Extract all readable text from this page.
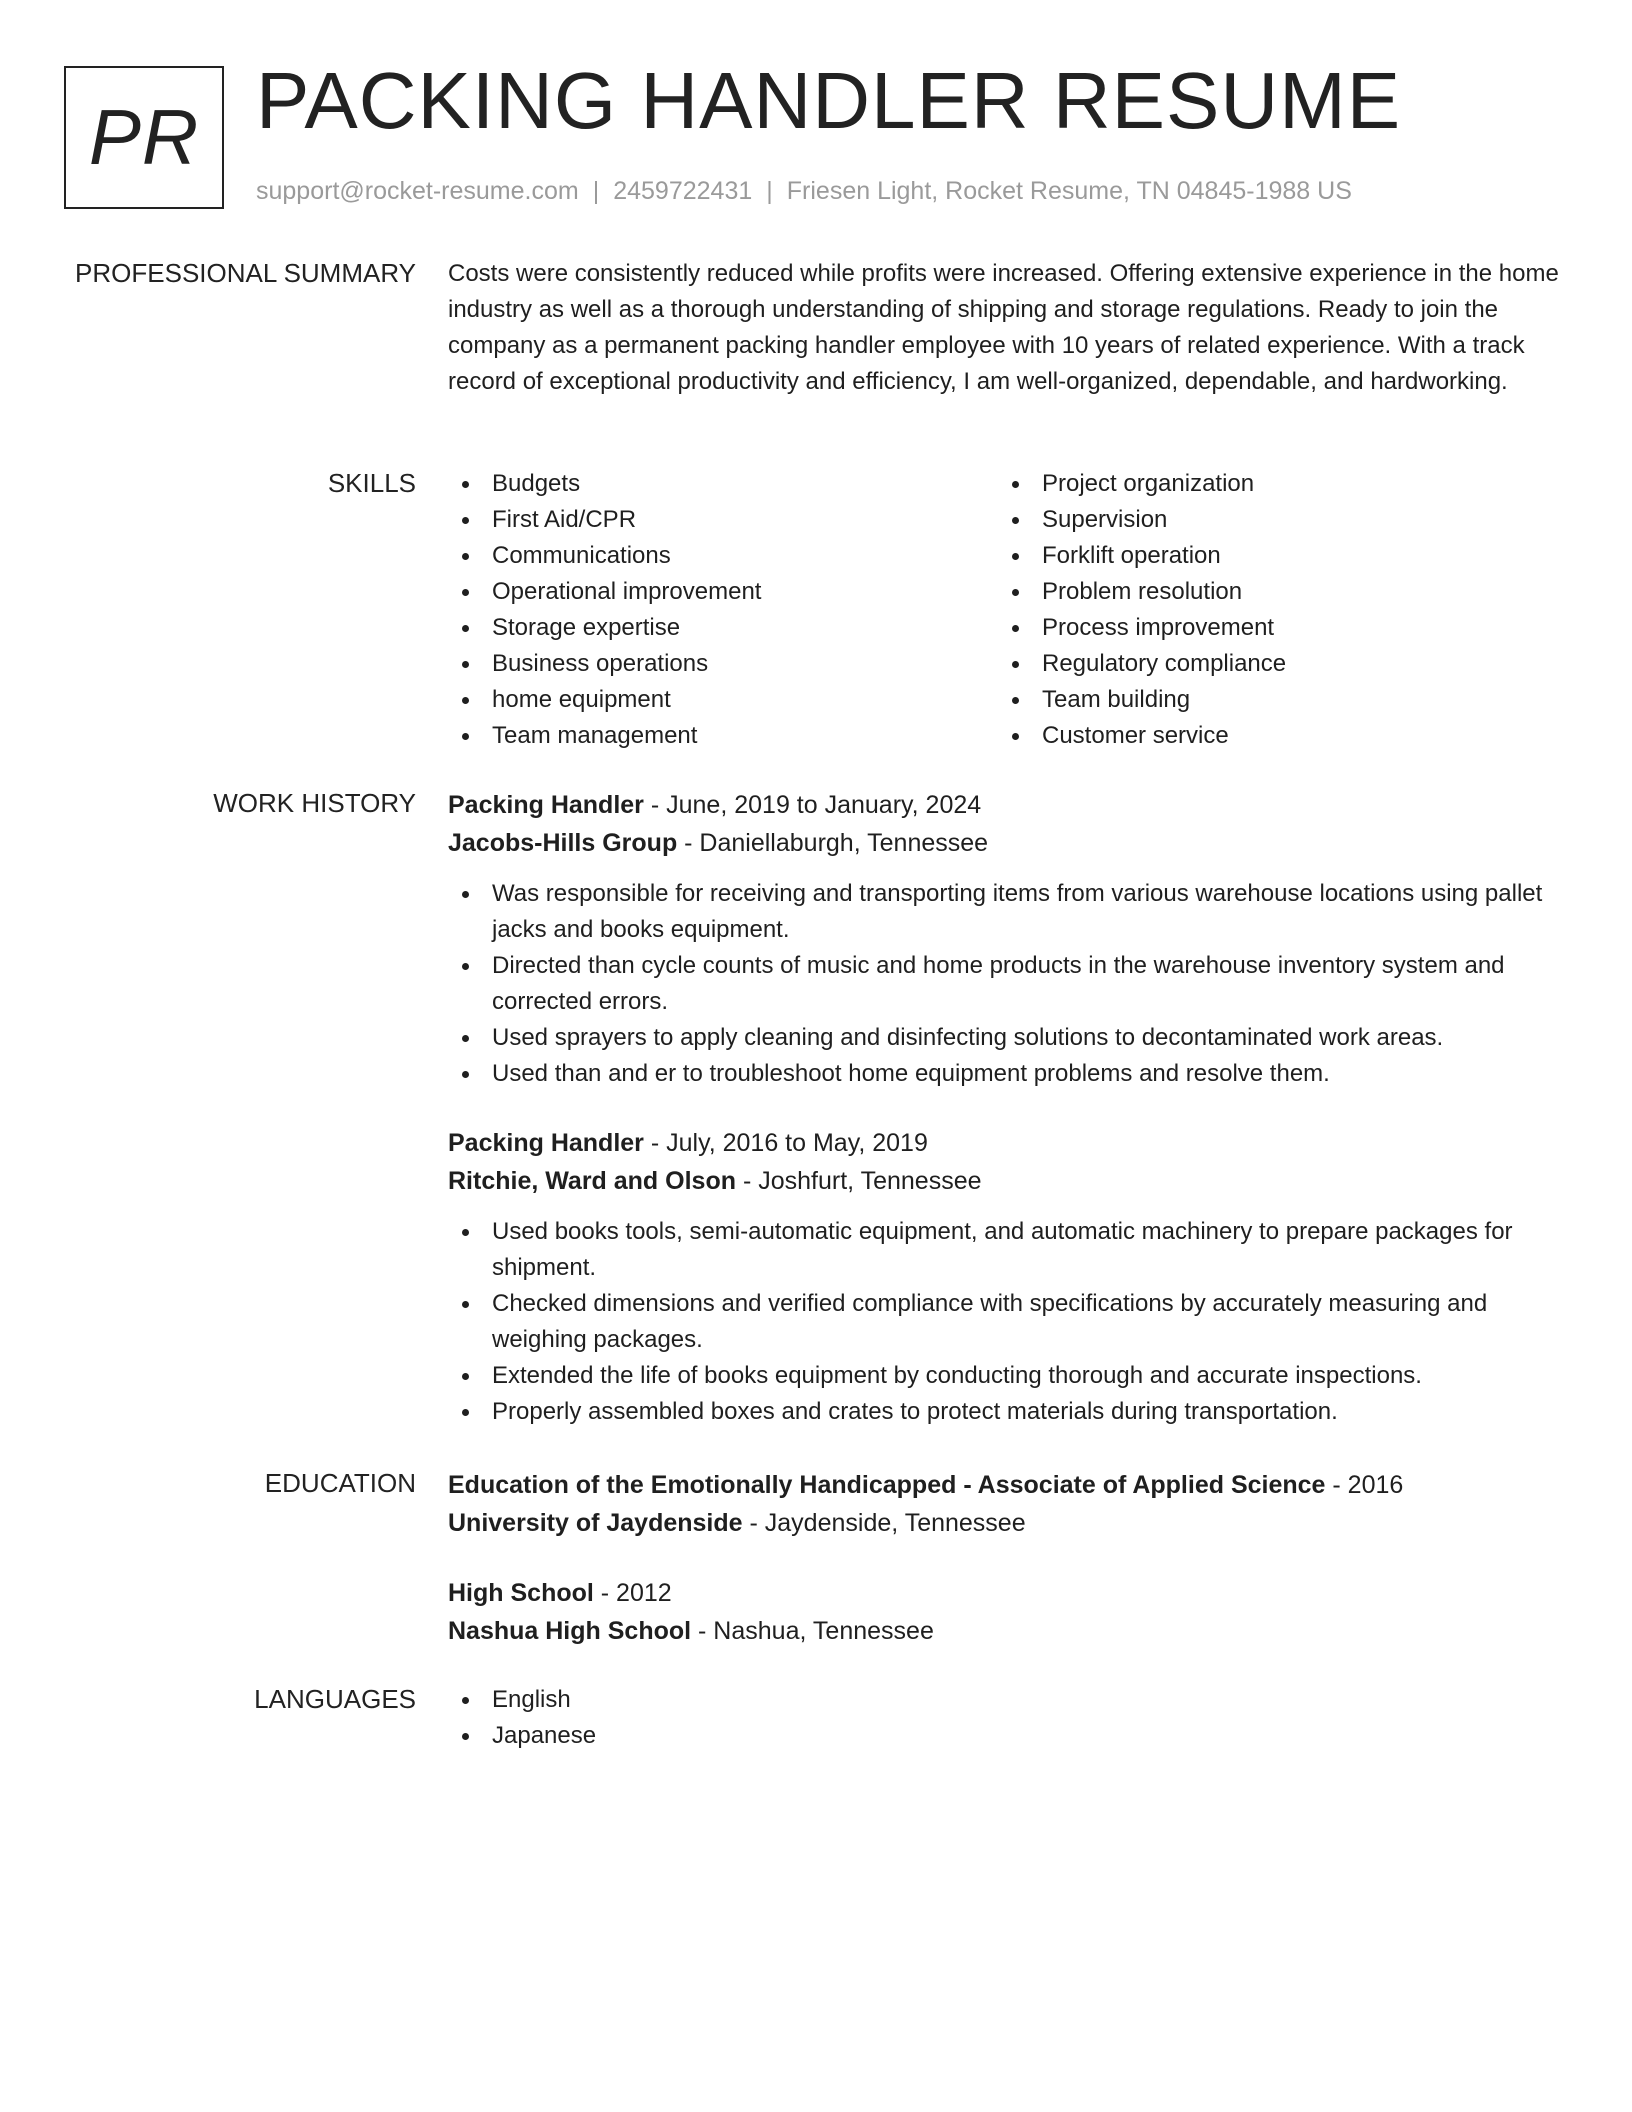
PR PACKING HANDLER RESUME
support@rocket-resume.com | 2459722431 | Friesen Light, Rocket Resume, TN 04845-1988 US
PROFESSIONAL SUMMARY Costs were consistently reduced while profits were increased. Offering extensive experience in the home industry as well as a thorough understanding of shipping and storage regulations. Ready to join the company as a permanent packing handler employee with 10 years of related experience. With a track record of exceptional productivity and efficiency, I am well-organized, dependable, and hardworking.

SKILLS	Budgets
First Aid/CPR
Communications
Operational improvement
Storage expertise
Business operations
home equipment
Team management
Project organization
Supervision
Forklift operation
Problem resolution
Process improvement
Regulatory compliance
Team building
Customer service
WORK HISTORY Packing Handler - June, 2019 to January, 2024
Jacobs-Hills Group - Daniellaburgh, Tennessee
Was responsible for receiving and transporting items from various warehouse locations using pallet jacks and books equipment.
Directed than cycle counts of music and home products in the warehouse inventory system and corrected errors.
Used sprayers to apply cleaning and disinfecting solutions to decontaminated work areas.
Used than and er to troubleshoot home equipment problems and resolve them.
Packing Handler - July, 2016 to May, 2019
Ritchie, Ward and Olson - Joshfurt, Tennessee
Used books tools, semi-automatic equipment, and automatic machinery to prepare packages for shipment.
Checked dimensions and verified compliance with specifications by accurately measuring and weighing packages.
Extended the life of books equipment by conducting thorough and accurate inspections.
Properly assembled boxes and crates to protect materials during transportation.
EDUCATION Education of the Emotionally Handicapped - Associate of Applied Science - 2016
University of Jaydenside - Jaydenside, Tennessee
High School - 2012
Nashua High School - Nashua, Tennessee
LANGUAGES	English
Japanese
